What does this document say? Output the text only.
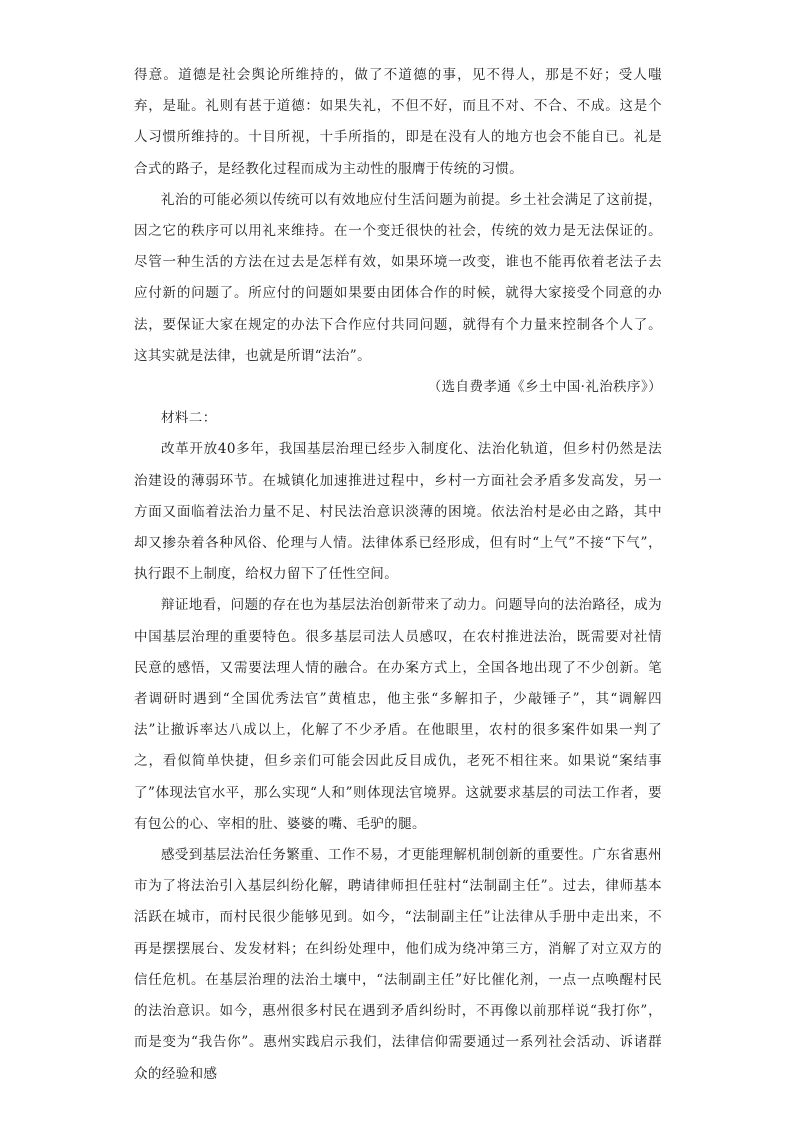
得意。道德是社会舆论所维持的，做了不道德的事，见不得人，那是不好；受人嗤弃，是耻。礼则有甚于道德：如果失礼，不但不好，而且不对、不合、不成。这是个人习惯所维持的。十目所视，十手所指的，即是在没有人的地方也会不能自已。礼是合式的路子，是经教化过程而成为主动性的服膺于传统的习惯。

礼治的可能必须以传统可以有效地应付生活问题为前提。乡土社会满足了这前提，因之它的秩序可以用礼来维持。在一个变迁很快的社会，传统的效力是无法保证的。尽管一种生活的方法在过去是怎样有效，如果环境一改变，谁也不能再依着老法子去应付新的问题了。所应付的问题如果要由团体合作的时候，就得大家接受个同意的办法，要保证大家在规定的办法下合作应付共同问题，就得有个力量来控制各个人了。这其实就是法律，也就是所谓“法治”。

（选自费孝通《乡土中国·礼治秩序》）

材料二：

改革开放40多年，我国基层治理已经步入制度化、法治化轨道，但乡村仍然是法治建设的薄弱环节。在城镇化加速推进过程中，乡村一方面社会矛盾多发高发，另一方面又面临着法治力量不足、村民法治意识淡薄的困境。依法治村是必由之路，其中却又掺杂着各种风俗、伦理与人情。法律体系已经形成，但有时“上气”不接“下气”，执行跟不上制度，给权力留下了任性空间。

辩证地看，问题的存在也为基层法治创新带来了动力。问题导向的法治路径，成为中国基层治理的重要特色。很多基层司法人员感叹，在农村推进法治，既需要对社情民意的感悟，又需要法理人情的融合。在办案方式上，全国各地出现了不少创新。笔者调研时遇到“全国优秀法官”黄植忠，他主张“多解扣子，少敲锤子”，其“调解四法”让撤诉率达八成以上，化解了不少矛盾。在他眼里，农村的很多案件如果一判了之，看似简单快捷，但乡亲们可能会因此反目成仇，老死不相往来。如果说“案结事了”体现法官水平，那么实现“人和”则体现法官境界。这就要求基层的司法工作者，要有包公的心、宰相的肚、婆婆的嘴、毛驴的腿。

感受到基层法治任务繁重、工作不易，才更能理解机制创新的重要性。广东省惠州市为了将法治引入基层纠纷化解，聘请律师担任驻村“法制副主任”。过去，律师基本活跃在城市，而村民很少能够见到。如今，“法制副主任”让法律从手册中走出来，不再是摆摆展台、发发材料；在纠纷处理中，他们成为绕冲第三方，消解了对立双方的信任危机。在基层治理的法治土壤中，“法制副主任”好比催化剂，一点一点唤醒村民的法治意识。如今，惠州很多村民在遇到矛盾纠纷时，不再像以前那样说“我打你”，而是变为“我告你”。惠州实践启示我们，法律信仰需要通过一系列社会活动、诉诸群众的经验和感
